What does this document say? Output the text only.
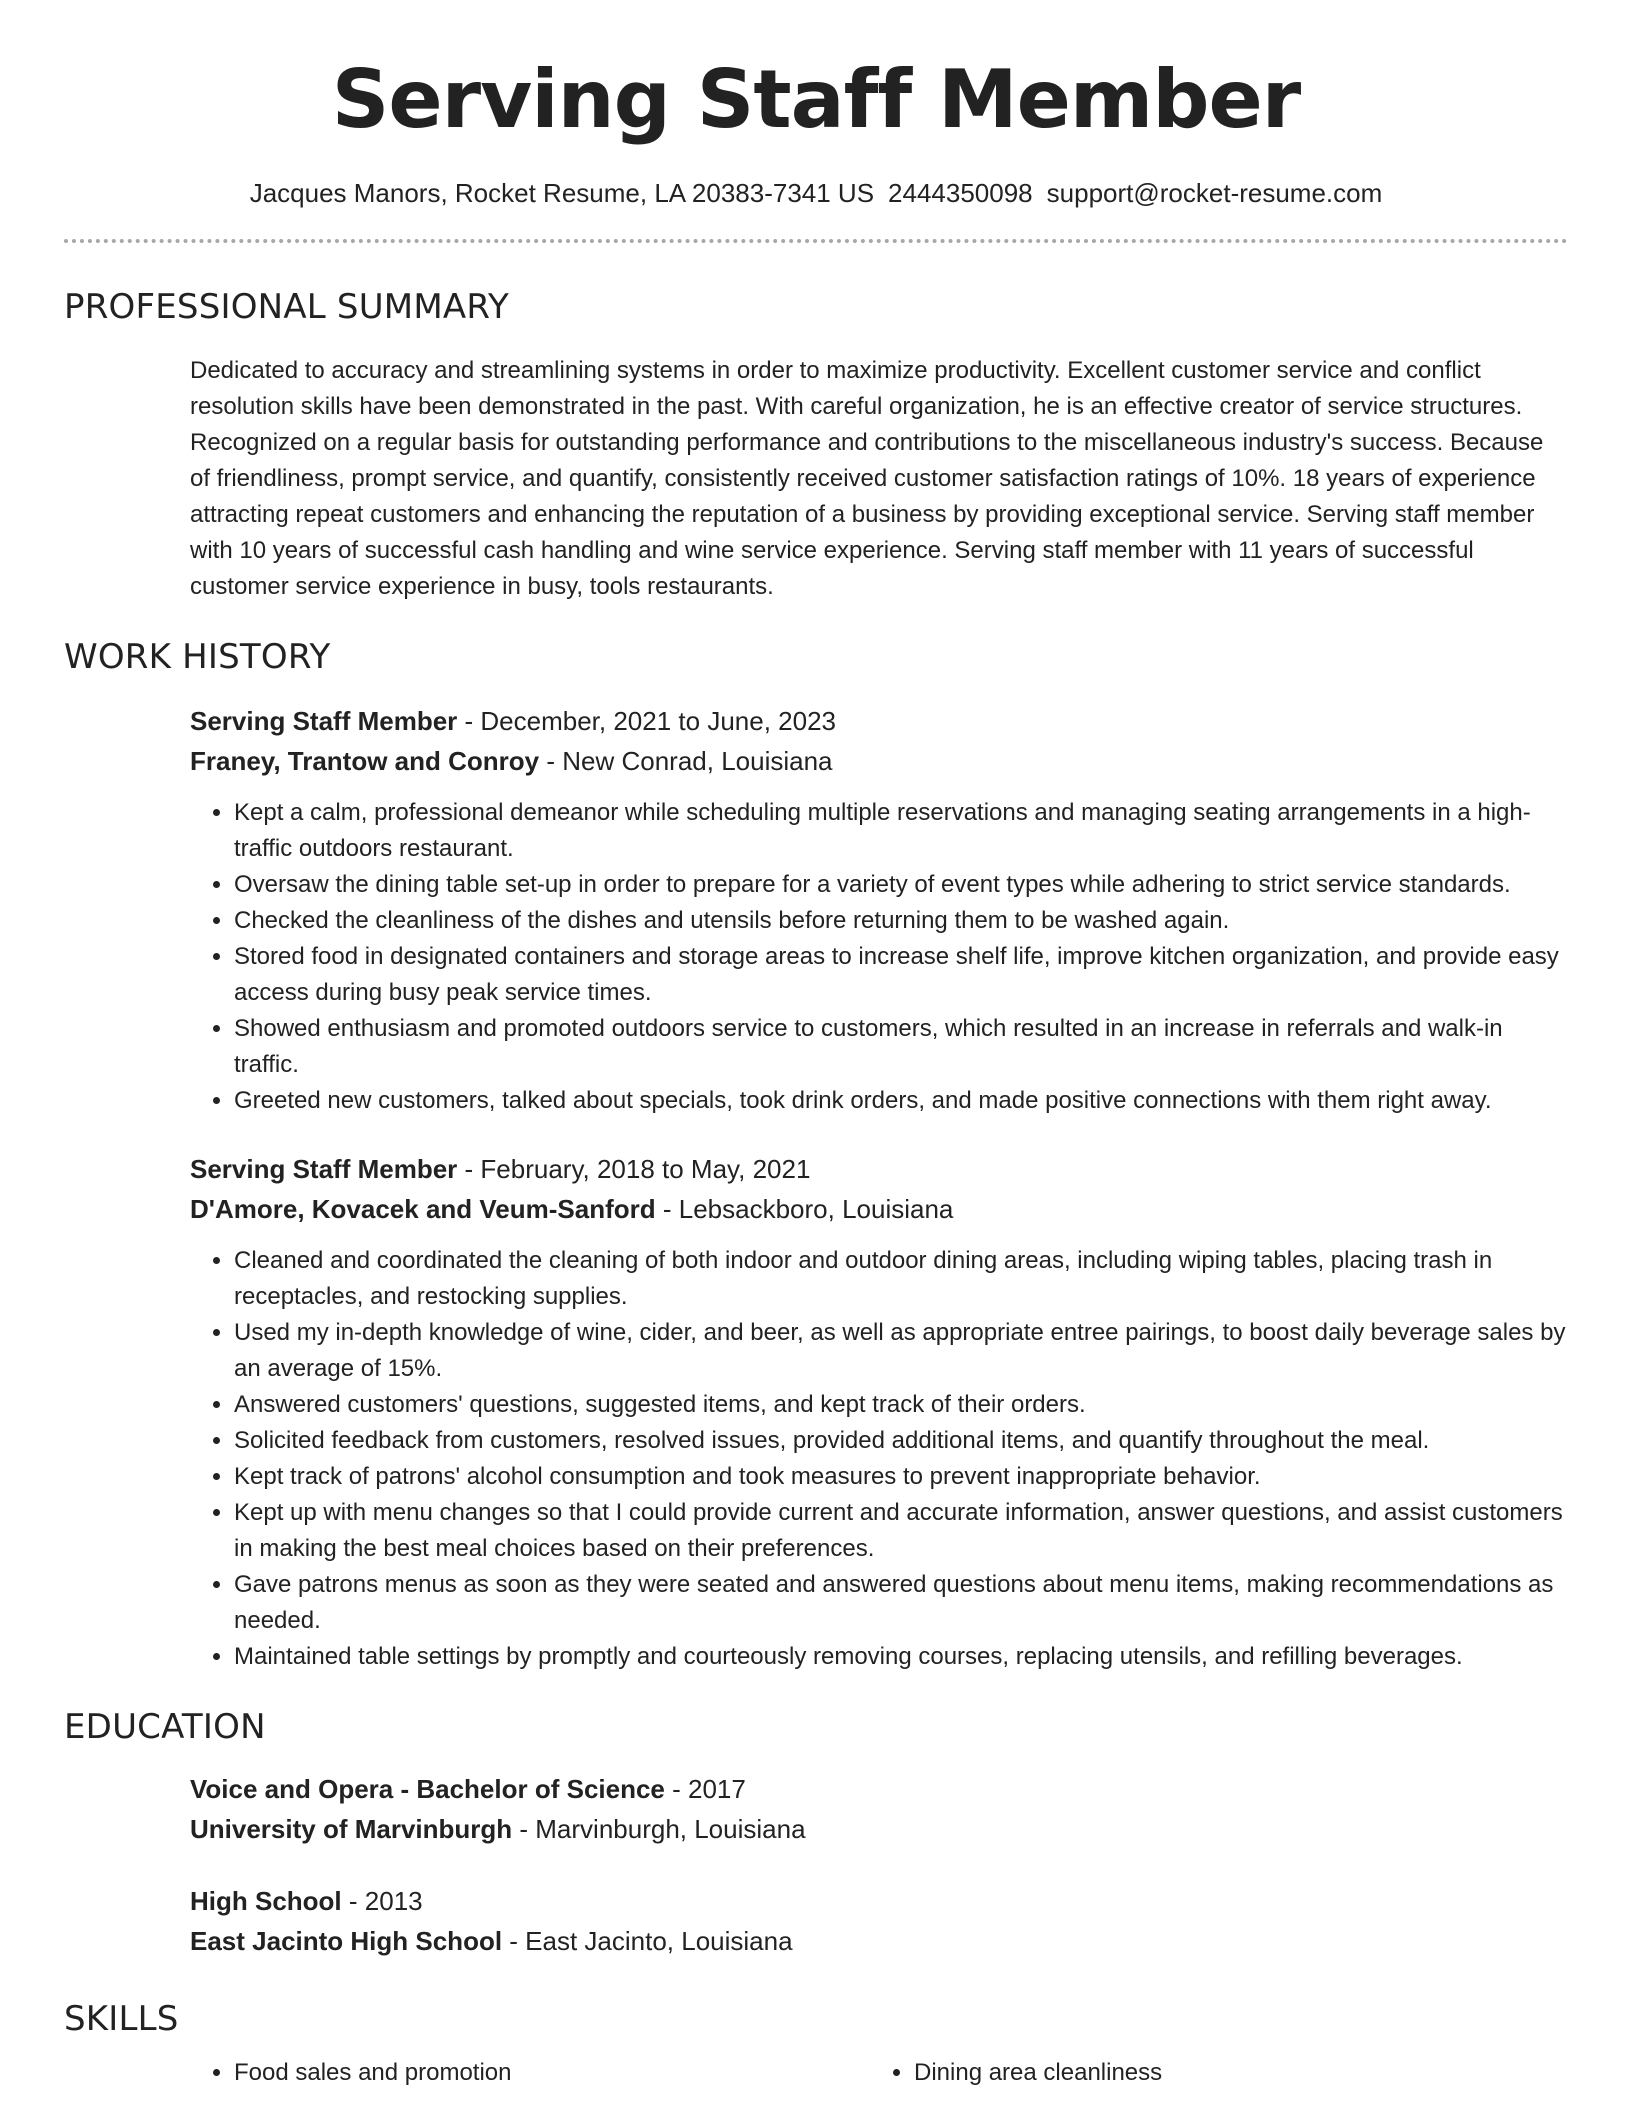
Serving Staff Member
Jacques Manors, Rocket Resume, LA 20383-7341 US 2444350098 support@rocket-resume.com
PROFESSIONAL SUMMARY

Dedicated to accuracy and streamlining systems in order to maximize productivity. Excellent customer service and conflict resolution skills have been demonstrated in the past. With careful organization, he is an effective creator of service structures. Recognized on a regular basis for outstanding performance and contributions to the miscellaneous industry's success. Because of friendliness, prompt service, and quantify, consistently received customer satisfaction ratings of 10%. 18 years of experience attracting repeat customers and enhancing the reputation of a business by providing exceptional service. Serving staff member with 10 years of successful cash handling and wine service experience. Serving staff member with 11 years of successful customer service experience in busy, tools restaurants.

WORK HISTORY
Serving Staff Member - December, 2021 to June, 2023
Franey, Trantow and Conroy - New Conrad, Louisiana
• Kept a calm, professional demeanor while scheduling multiple reservations and managing seating arrangements in a high-traffic outdoors restaurant.
• Oversaw the dining table set-up in order to prepare for a variety of event types while adhering to strict service standards.
• Checked the cleanliness of the dishes and utensils before returning them to be washed again.
• Stored food in designated containers and storage areas to increase shelf life, improve kitchen organization, and provide easy access during busy peak service times.
• Showed enthusiasm and promoted outdoors service to customers, which resulted in an increase in referrals and walk-in traffic.
• Greeted new customers, talked about specials, took drink orders, and made positive connections with them right away.
Serving Staff Member - February, 2018 to May, 2021
D'Amore, Kovacek and Veum-Sanford - Lebsackboro, Louisiana
• Cleaned and coordinated the cleaning of both indoor and outdoor dining areas, including wiping tables, placing trash in receptacles, and restocking supplies.
• Used my in-depth knowledge of wine, cider, and beer, as well as appropriate entree pairings, to boost daily beverage sales by an average of 15%.
• Answered customers' questions, suggested items, and kept track of their orders.
• Solicited feedback from customers, resolved issues, provided additional items, and quantify throughout the meal.
• Kept track of patrons' alcohol consumption and took measures to prevent inappropriate behavior.
• Kept up with menu changes so that I could provide current and accurate information, answer questions, and assist customers in making the best meal choices based on their preferences.
• Gave patrons menus as soon as they were seated and answered questions about menu items, making recommendations as needed.
• Maintained table settings by promptly and courteously removing courses, replacing utensils, and refilling beverages.
EDUCATION
Voice and Opera - Bachelor of Science - 2017
University of Marvinburgh - Marvinburgh, Louisiana
High School - 2013
East Jacinto High School - East Jacinto, Louisiana
SKILLS
• Food sales and promotion
•	Dining area cleanliness
